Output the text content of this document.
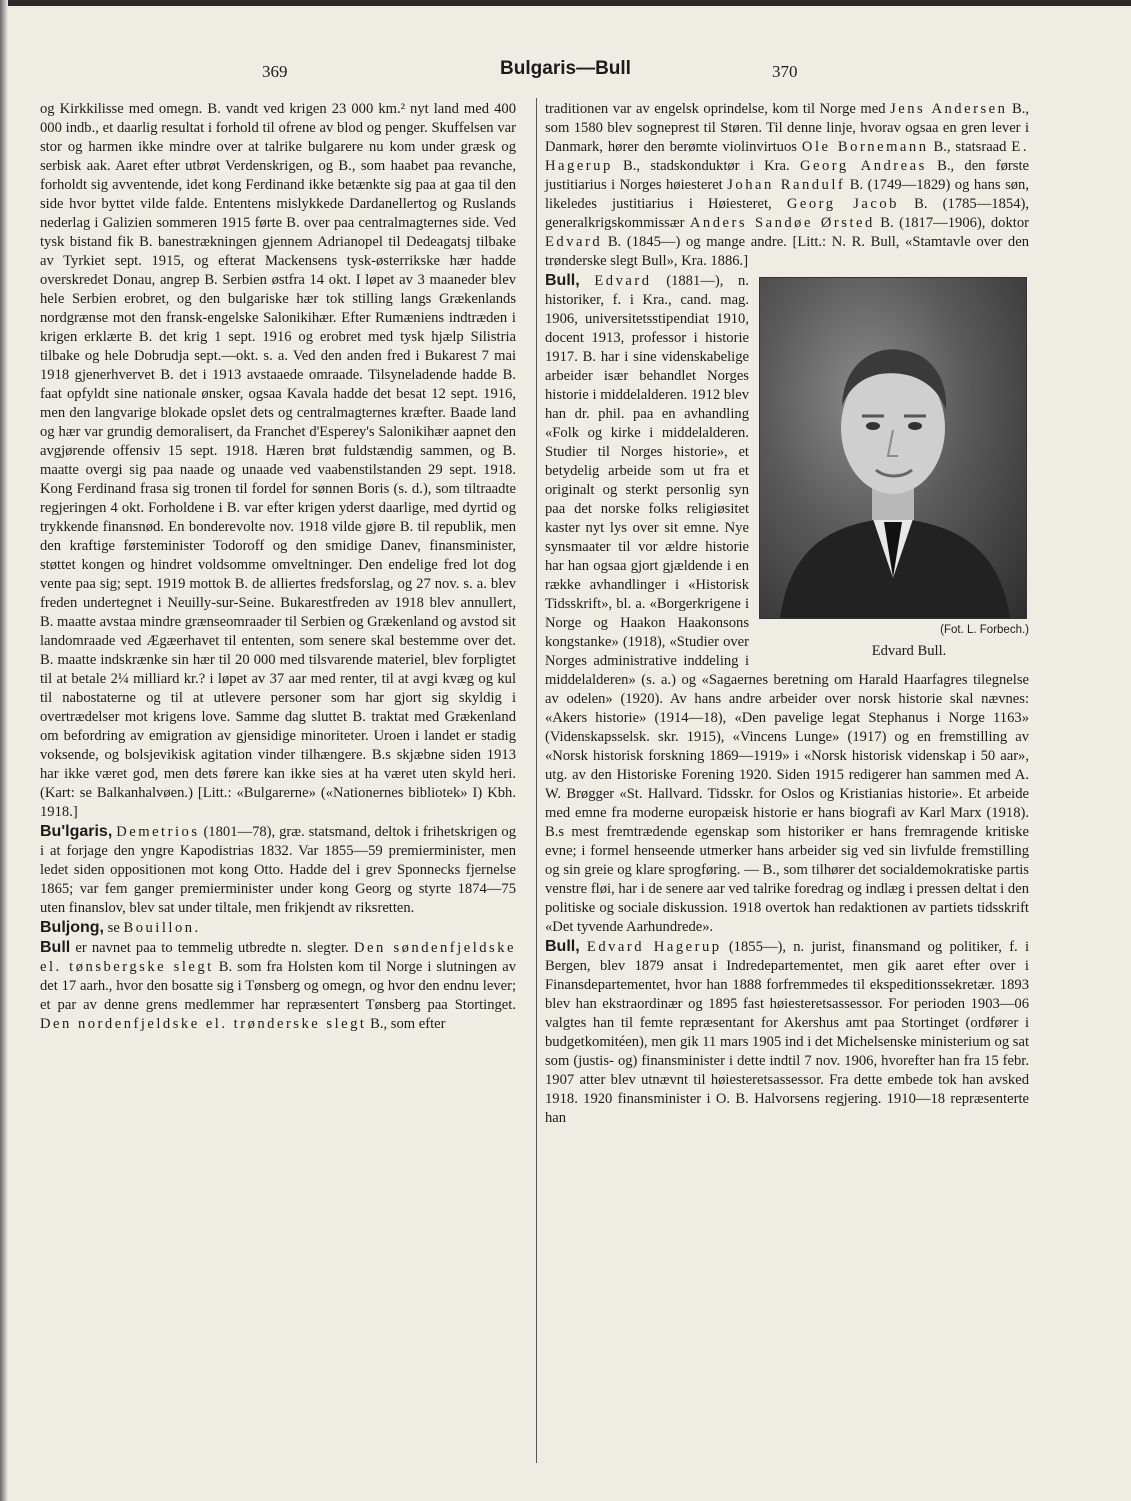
369	Bulgaris—Bull	370

og Kirkkilisse med omegn. B. vandt ved krigen 23 000 km.² nyt land med 400 000 indb., et daarlig resultat i forhold til ofrene av blod og penger. Skuffelsen var stor og harmen ikke mindre over at talrike bulgarere nu kom under græsk og serbisk aak. Aaret efter utbrøt Verdenskrigen, og B., som haabet paa revanche, forholdt sig avventende, idet kong Ferdinand ikke betænkte sig paa at gaa til den side hvor byttet vilde falde. Ententens mislykkede Dardanellertog og Ruslands nederlag i Galizien sommeren 1915 førte B. over paa centralmagternes side. Ved tysk bistand fik B. banestrækningen gjennem Adrianopel til Dedeagatsj tilbake av Tyrkiet sept. 1915, og efterat Mackensens tysk-østerrikske hær hadde overskredet Donau, angrep B. Serbien østfra 14 okt. I løpet av 3 maaneder blev hele Serbien erobret, og den bulgariske hær tok stilling langs Grækenlands nordgrænse mot den fransk-engelske Salonikihær. Efter Rumæniens indtræden i krigen erklærte B. det krig 1 sept. 1916 og erobret med tysk hjælp Silistria tilbake og hele Dobrudja sept.—okt. s. a. Ved den anden fred i Bukarest 7 mai 1918 gjenerhvervet B. det i 1913 avstaaede omraade. Tilsyneladende hadde B. faat opfyldt sine nationale ønsker, ogsaa Kavala hadde det besat 12 sept. 1916, men den langvarige blokade opslet dets og centralmagternes kræfter. Baade land og hær var grundig demoralisert, da Franchet d'Esperey's Salonikihær aapnet den avgjørende offensiv 15 sept. 1918. Hæren brøt fuldstændig sammen, og B. maatte overgi sig paa naade og unaade ved vaabenstilstanden 29 sept. 1918. Kong Ferdinand frasa sig tronen til fordel for sønnen Boris (s. d.), som tiltraadte regjeringen 4 okt. Forholdene i B. var efter krigen yderst daarlige, med dyrtid og trykkende finansnød. En bonderevolte nov. 1918 vilde gjøre B. til republik, men den kraftige førsteminister Todoroff og den smidige Danev, finansminister, støttet kongen og hindret voldsomme omveltninger. Den endelige fred lot dog vente paa sig; sept. 1919 mottok B. de alliertes fredsforslag, og 27 nov. s. a. blev freden undertegnet i Neuilly-sur-Seine. Bukarestfreden av 1918 blev annullert, B. maatte avstaa mindre grænseomraader til Serbien og Grækenland og avstod sit landomraade ved Ægæerhavet til ententen, som senere skal bestemme over det. B. maatte indskrænke sin hær til 20 000 med tilsvarende materiel, blev forpligtet til at betale 2¼ milliard kr.? i løpet av 37 aar med renter, til at avgi kvæg og kul til nabostaterne og til at utlevere personer som har gjort sig skyldig i overtrædelser mot krigens love. Samme dag sluttet B. traktat med Grækenland om befordring av emigration av gjensidige minoriteter. Uroen i landet er stadig voksende, og bolsjevikisk agitation vinder tilhængere. B.s skjæbne siden 1913 har ikke været god, men dets førere kan ikke sies at ha været uten skyld heri. (Kart: se Balkanhalvøen.) [Litt.: «Bulgarerne» («Nationernes bibliotek» I) Kbh. 1918.]

Bu'lgaris, Demetrios (1801—78), græ. statsmand, deltok i frihetskrigen og i at forjage den yngre Kapodistrias 1832. Var 1855—59 premierminister, men ledet siden oppositionen mot kong Otto. Hadde del i grev Sponnecks fjernelse 1865; var fem ganger premierminister under kong Georg og styrte 1874—75 uten finanslov, blev sat under tiltale, men frikjendt av riksretten.

Buljong, se Bouillon.

Bull er navnet paa to temmelig utbredte n. slegter. Den søndenfjeldske el. tønsbergske slegt B. som fra Holsten kom til Norge i slutningen av det 17 aarh., hvor den bosatte sig i Tønsberg og omegn, og hvor den endnu lever; et par av denne grens medlemmer har repræsentert Tønsberg paa Stortinget. Den nordenfjeldske el. trønderske slegt B., som efter

traditionen var av engelsk oprindelse, kom til Norge med Jens Andersen B., som 1580 blev sogneprest til Støren. Til denne linje, hvorav ogsaa en gren lever i Danmark, hører den berømte violinvirtuos Ole Bornemann B., statsraad E. Hagerup B., stadskonduktør i Kra. Georg Andreas B., den første justitiarius i Norges høiesteret Johan Randulf B. (1749—1829) og hans søn, likeledes justitiarius i Høiesteret, Georg Jacob B. (1785—1854), generalkrigskommissær Anders Sandøe Ørsted B. (1817—1906), doktor Edvard B. (1845—) og mange andre. [Litt.: N. R. Bull, «Stamtavle over den trønderske slegt Bull», Kra. 1886.]

(Fot. L. Forbech.)
Edvard Bull.
Bull, Edvard (1881—), n. historiker, f. i Kra., cand. mag. 1906, universitetsstipendiat 1910, docent 1913, professor i historie 1917. B. har i sine videnskabelige arbeider især behandlet Norges historie i middelalderen. 1912 blev han dr. phil. paa en avhandling «Folk og kirke i middelalderen. Studier til Norges historie», et betydelig arbeide som ut fra et originalt og sterkt personlig syn paa det norske folks religiøsitet kaster nyt lys over sit emne. Nye synsmaater til vor ældre historie har han ogsaa gjort gjældende i en række avhandlinger i «Historisk Tidsskrift», bl. a. «Borgerkrigene i Norge og Haakon Haakonsons kongstanke» (1918), «Studier over Norges administrative inddeling i middelalderen» (s. a.) og «Sagaernes beretning om Harald Haarfagres tilegnelse av odelen» (1920). Av hans andre arbeider over norsk historie skal nævnes: «Akers historie» (1914—18), «Den pavelige legat Stephanus i Norge 1163» (Videnskapsselsk. skr. 1915), «Vincens Lunge» (1917) og en fremstilling av «Norsk historisk forskning 1869—1919» i «Norsk historisk videnskap i 50 aar», utg. av den Historiske Forening 1920. Siden 1915 redigerer han sammen med A. W. Brøgger «St. Hallvard. Tidsskr. for Oslos og Kristianias historie». Et arbeide med emne fra moderne europæisk historie er hans biografi av Karl Marx (1918). B.s mest fremtrædende egenskap som historiker er hans fremragende kritiske evne; i formel henseende utmerker hans arbeider sig ved sin livfulde fremstilling og sin greie og klare sprogføring. — B., som tilhører det socialdemokratiske partis venstre fløi, har i de senere aar ved talrike foredrag og indlæg i pressen deltat i den politiske og sociale diskussion. 1918 overtok han redaktionen av partiets tidsskrift «Det tyvende Aarhundrede».

Bull, Edvard Hagerup (1855—), n. jurist, finansmand og politiker, f. i Bergen, blev 1879 ansat i Indredepartementet, men gik aaret efter over i Finansdepartementet, hvor han 1888 forfremmedes til ekspeditionssekretær. 1893 blev han ekstraordinær og 1895 fast høiesteretsassessor. For perioden 1903—06 valgtes han til femte repræsentant for Akershus amt paa Stortinget (ordfører i budgetkomitéen), men gik 11 mars 1905 ind i det Michelsenske ministerium og sat som (justis- og) finansminister i dette indtil 7 nov. 1906, hvorefter han fra 15 febr. 1907 atter blev utnævnt til høiesteretsassessor. Fra dette embede tok han avsked 1918. 1920 finansminister i O. B. Halvorsens regjering. 1910—18 repræsenterte han
